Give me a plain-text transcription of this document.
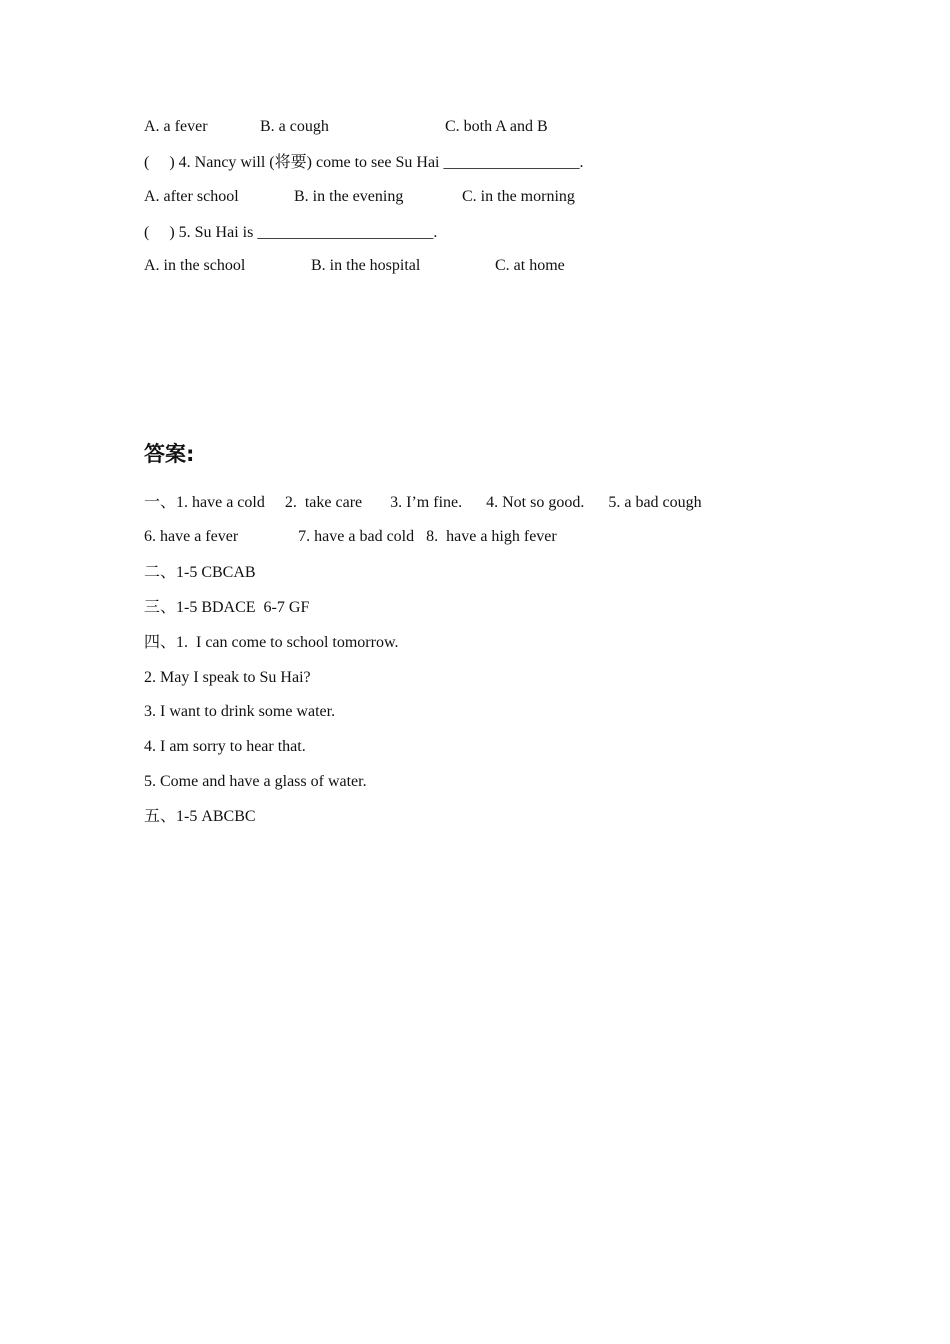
A. a fever	B. a cough	C. both A and B
(     ) 4. Nancy will (将要) come to see Su Hai _________________.
A. after school	B. in the evening	C. in the morning
(     ) 5. Su Hai is ______________________.
A. in the school	B. in the hospital	C. at home
答案:
一、1. have a cold     2.  take care       3. I’m fine.      4. Not so good.      5. a bad cough
6. have a fever               7. have a bad cold   8.  have a high fever
二、1-5 CBCAB
三、1-5 BDACE  6-7 GF
四、1.  I can come to school tomorrow.
2. May I speak to Su Hai?
3. I want to drink some water.
4. I am sorry to hear that.
5. Come and have a glass of water.
五、1-5 ABCBC
